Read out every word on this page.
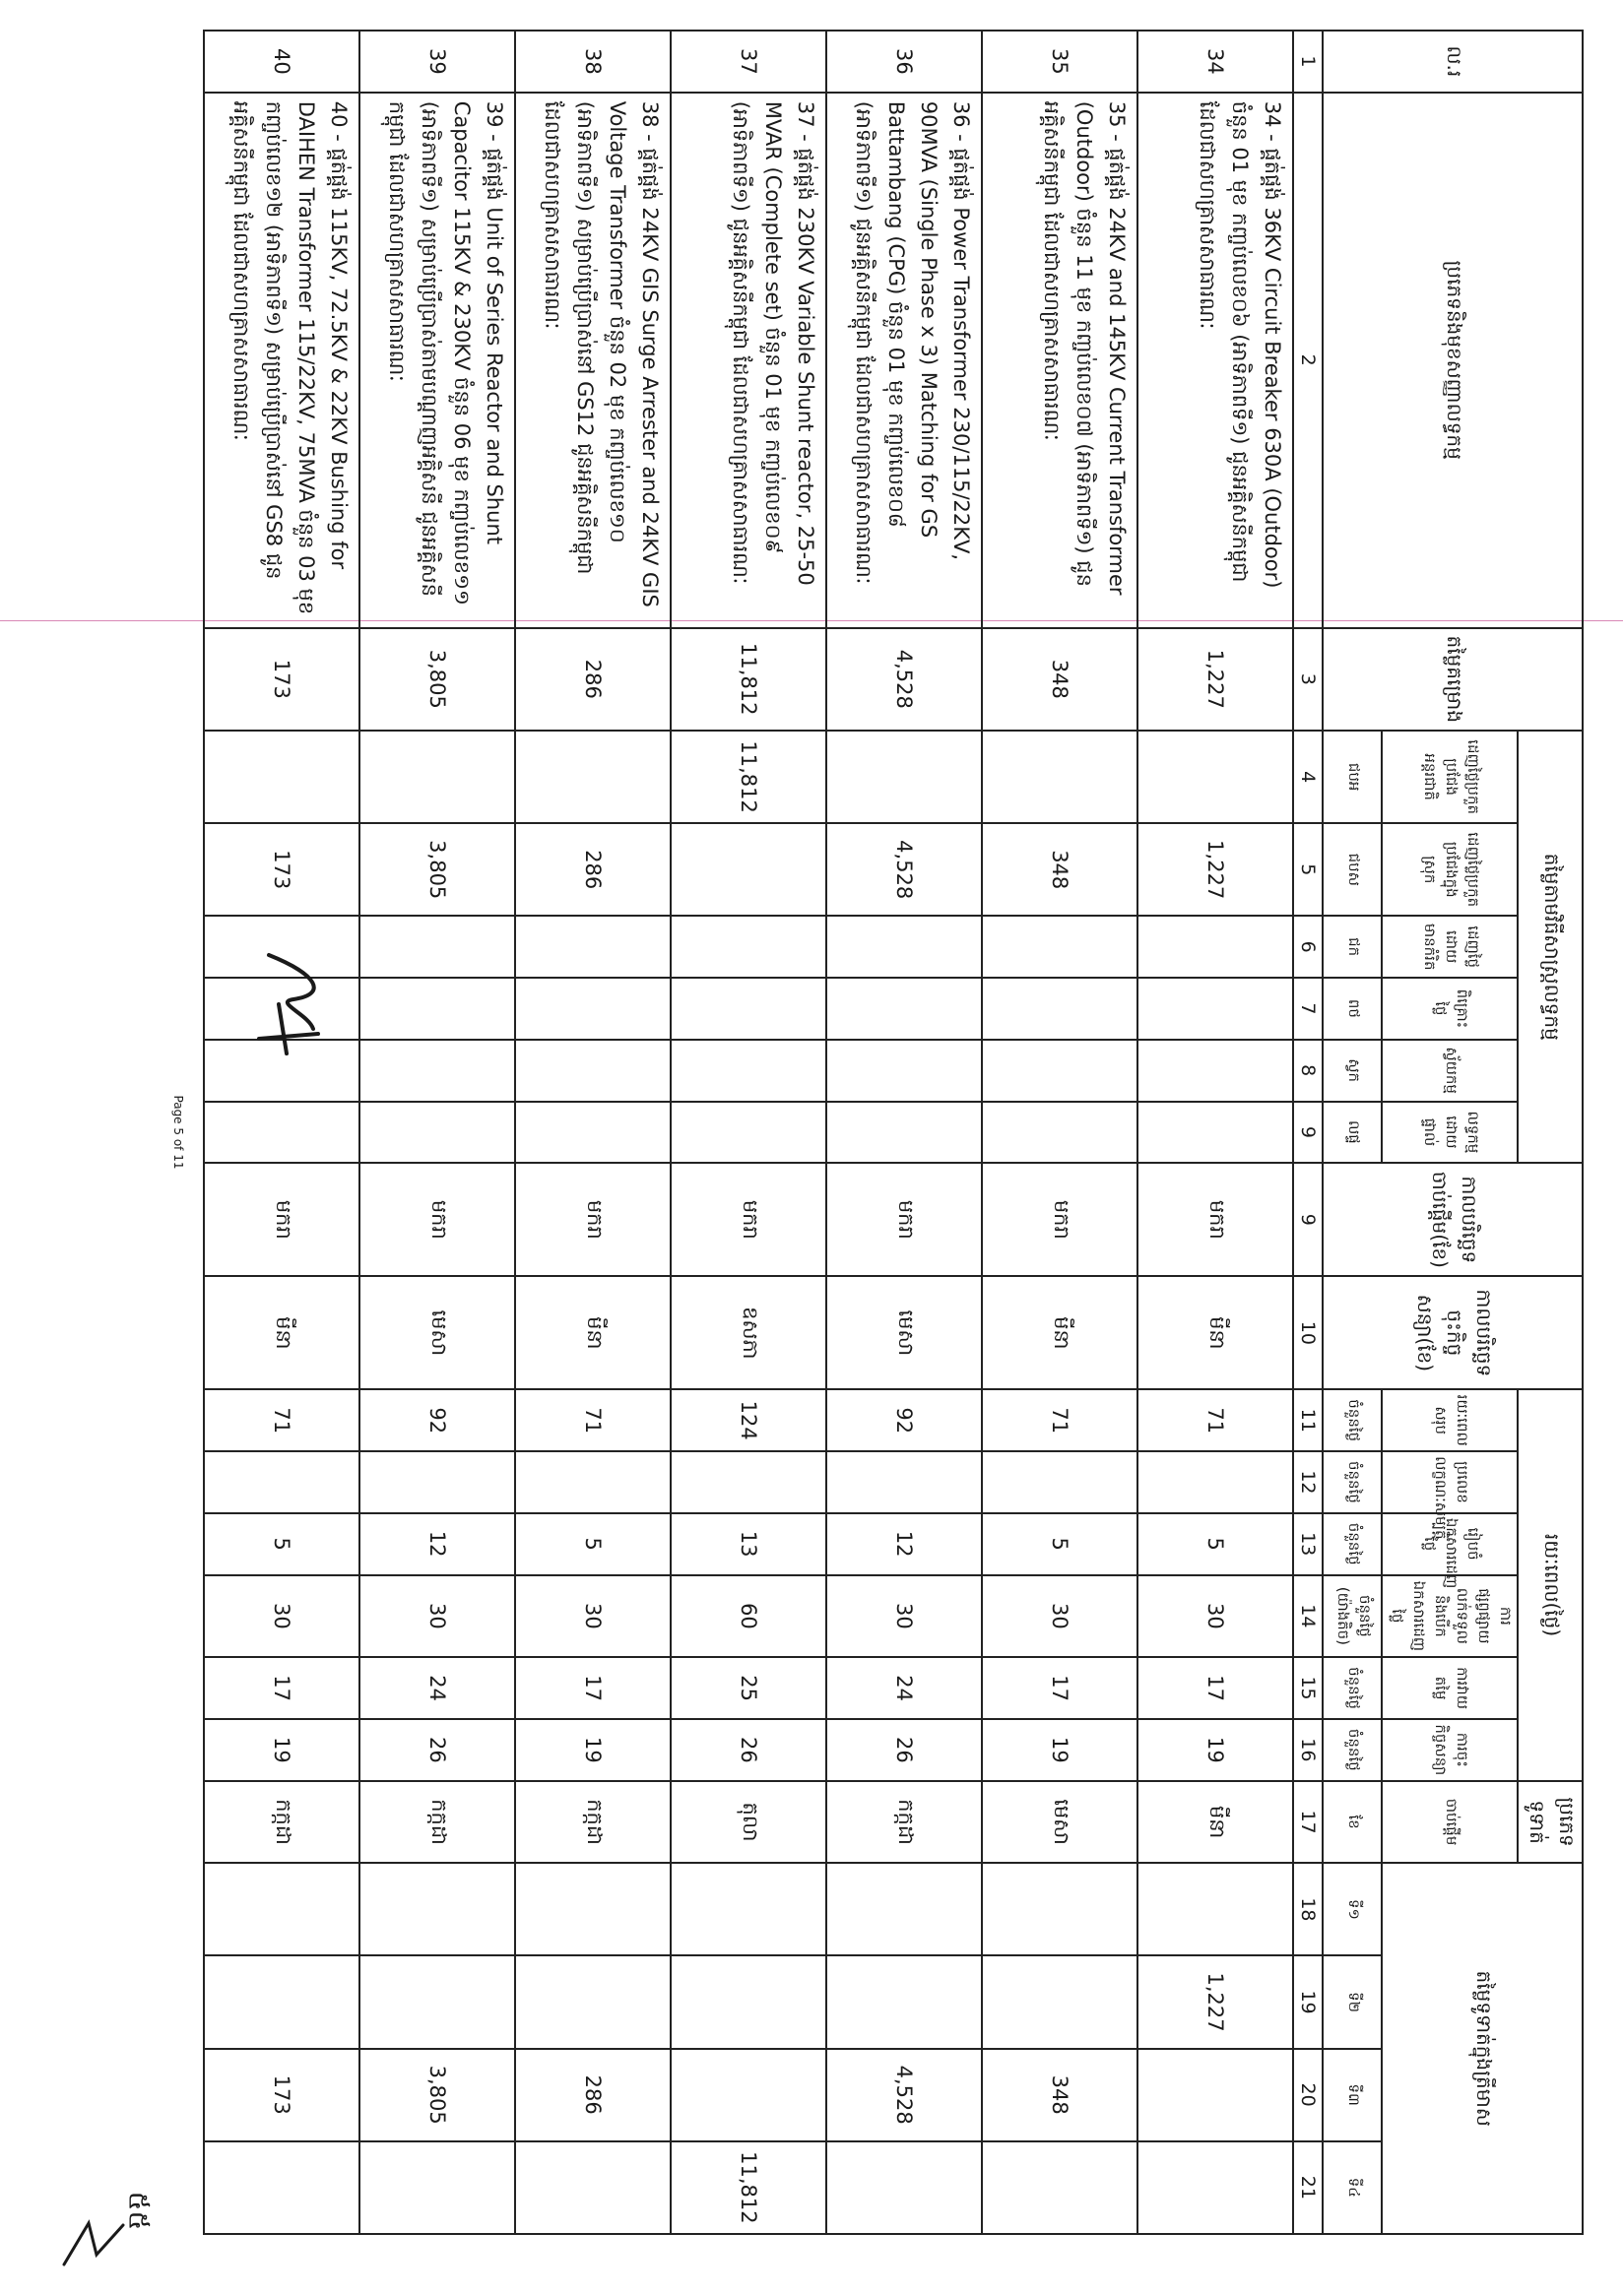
ល.រ	ប្រភេទនិងមុខសញ្ញាលទ្ធកម្ម	តម្លៃគម្រោង	តម្លៃតាមវិធីសាស្ត្រលទ្ធកម្ម						កាលបរិច្ឆេទចាប់ផ្តើម(ខែ)	កាលបរិច្ឆេទចុះកិច្ចសន្យា(ខែ)	រយៈពេល(ថ្ងៃ)						ប្រភេទទូទាត់	តម្លៃទូទាត់ក្នុងត្រីមាស			
			ដេញថ្លៃប្រកួតប្រជែងអន្តរជាតិ	ដេញថ្លៃប្រកួតប្រជែងក្នុងស្រុក	ដេញថ្លៃដោយមានកំរិត	ពិគ្រោះថ្លៃ	ស្វ័យកម្ម	លទ្ធកម្មដោយផ្ទាល់			រយៈពេលសរុប	ប្រលេខលក្ខណៈសម្បត្តិ	រៀបចំឯកសារដេញថ្លៃ	ការផ្សព្វផ្សាយលក់ទទួលនិងបើកឯកសារដេញថ្លៃ	ការវាយតម្លៃ	ការចុះកិច្ចសន្យា	ចាប់ផ្តើម				
			ជបអ	ជបស	ជក	ពថ	ស្វក	លផ្ទ			ចំនួនថ្ងៃ	ចំនួនថ្ងៃ	ចំនួនថ្ងៃ	ចំនួនថ្ងៃ
(យ៉ាងតិច)	ចំនួនថ្ងៃ	ចំនួនថ្ងៃ	ខែ	ទី១	ទី២	ទី៣	ទី៤
1	2	3	4	5	6	7	8	9	9	10	11	12	13	14	15	16	17	18	19	20	21
34	34 - ផ្គត់ផ្គង់ 36KV Circuit Breaker 630A (Outdoor) ចំនួន 01 មុខ កញ្ចប់លេខ០៦ (អាទិភាពទី១) ជូនអគ្គិសនីកម្ពុជា ដែលជាសហគ្រាសសាធារណៈ	1,227		1,227					មករា	មីនា	71		5	30	17	19	មីនា		1,227		
35	35 - ផ្គត់ផ្គង់ 24KV and 145KV Current Transformer (Outdoor) ចំនួន 11 មុខ កញ្ចប់លេខ០៧ (អាទិភាពទី១) ជូនអគ្គិសនីកម្ពុជា ដែលជាសហគ្រាសសាធារណៈ	348		348					មករា	មីនា	71		5	30	17	19	មេសា			348	
36	36 - ផ្គត់ផ្គង់ Power Transformer 230/115/22KV, 90MVA (Single Phase x 3) Matching for GS Battambang (CPG) ចំនួន 01 មុខ កញ្ចប់លេខ០៨ (អាទិភាពទី១) ជូនអគ្គិសនីកម្ពុជា ដែលជាសហគ្រាសសាធារណៈ	4,528		4,528					មករា	មេសា	92		12	30	24	26	កក្កដា			4,528	
37	37 - ផ្គត់ផ្គង់ 230KV Variable Shunt reactor, 25-50 MVAR (Complete set) ចំនួន 01 មុខ កញ្ចប់លេខ០៩ (អាទិភាពទី១) ជូនអគ្គិសនីកម្ពុជា ដែលជាសហគ្រាសសាធារណៈ	11,812	11,812						មករា	ឧសភា	124		13	60	25	26	តុលា				11,812
38	38 - ផ្គត់ផ្គង់ 24KV GIS Surge Arrester and 24KV GIS Voltage Transformer ចំនួន 02 មុខ កញ្ចប់លេខ១០ (អាទិភាពទី១) សម្រាប់ប្រើប្រាស់នៅ GS12 ជូនអគ្គិសនីកម្ពុជា ដែលជាសហគ្រាសសាធារណៈ	286		286					មករា	មីនា	71		5	30	17	19	កក្កដា			286	
39	39 - ផ្គត់ផ្គង់ Unit of Series Reactor and Shunt Capacitor 115KV & 230KV ចំនួន 06 មុខ កញ្ចប់លេខ១១ (អាទិភាពទី១) សម្រាប់ប្រើប្រាស់តាមបណ្តាញអគ្គិសនី ជូនអគ្គិសនីកម្ពុជា ដែលជាសហគ្រាសសាធារណៈ	3,805		3,805					មករា	មេសា	92		12	30	24	26	កក្កដា			3,805	
40	40 - ផ្គត់ផ្គង់ 115KV, 72.5KV & 22KV Bushing for DAIHEN Transformer 115/22KV, 75MVA ចំនួន 03 មុខ កញ្ចប់លេខ១២ (អាទិភាពទី១) សម្រាប់ប្រើប្រាស់នៅ GS8 ជូនអគ្គិសនីកម្ពុជា ដែលជាសហគ្រាសសាធារណៈ	173		173					មករា	មីនា	71		5	30	17	19	កក្កដា			173	
Page 5 of 11
៥៥
